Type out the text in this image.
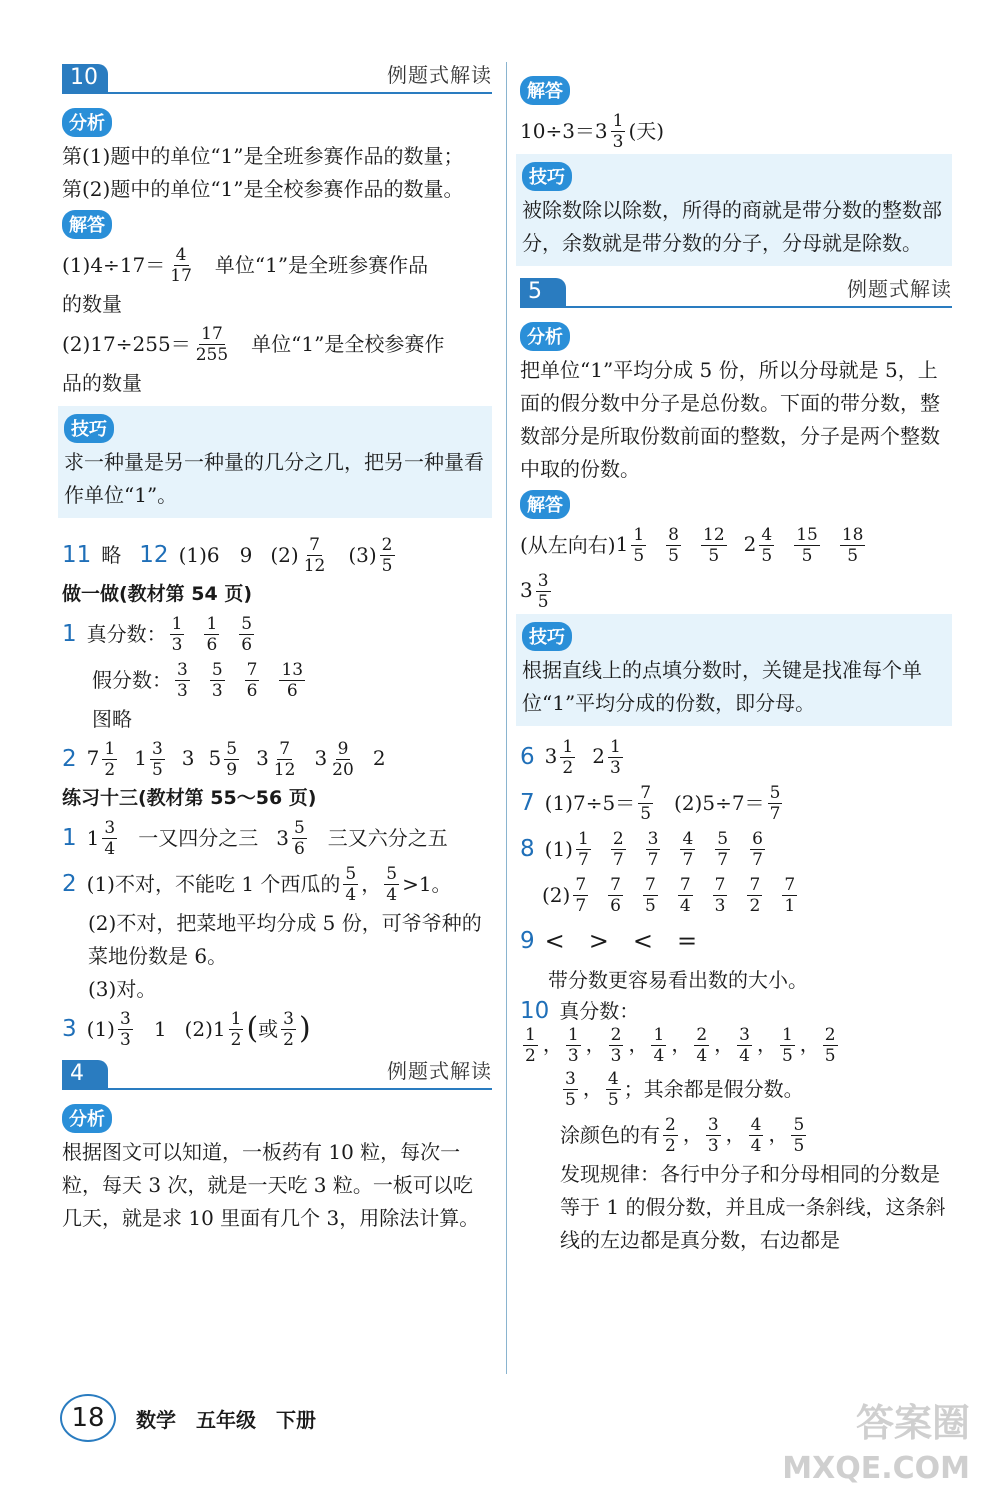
10	例题式解读
分析

第(1)题中的单位“1”是全班参赛作品的数量；

第(2)题中的单位“1”是全校参赛作品的数量。

解答
(1)4÷17＝ 4
17 单位“1”是全班参赛作品

的数量

(2)17÷255＝ 17
255 单位“1”是全校参赛作

品的数量

技巧

求一种量是另一种量的几分之几，把另一种量看作单位“1”。

11 略 12 (1)6　9 (2) 7
12 (3) 2
5

做一做(教材第 54 页)

1 真分数： $\frac{1}{3} \frac{1}{6} \frac{5}{6}$
假分数： $\frac{3}{3} \frac{5}{3} \frac{7}{6} \frac{13}{6}$

图略

2 $7 \frac{1}{2} 1 \frac{3}{5} 3$ $5 \frac{5}{9} 3 \frac{7}{12} 3 \frac{9}{20} 2$

练习十三(教材第 55～56 页)

1 1 3
4 一又四分之三 3 5
6 三又六分之五
2 (1)不对，不能吃 1 个西瓜的 5
4 ， 5
4 >1。

(2)不对，把菜地平均分成 5 份，可爷爷种的菜地份数是 6。

(3)对。

3 (1) 3
3 1 (2)1 1
2 ( 或 3
2 )
4	例题式解读
分析

根据图文可以知道，一板药有 10 粒，每次一粒，每天 3 次，就是一天吃 3 粒。一板可以吃几天，就是求 10 里面有几个 3，用除法计算。

解答
10÷3＝3 1
3 (天)
技巧

被除数除以除数，所得的商就是带分数的整数部分，余数就是带分数的分子，分母就是除数。

5	例题式解读
分析

把单位“1”平均分成 5 份，所以分母就是 5，上面的假分数中分子是总份数。下面的带分数，整数部分是所取份数前面的整数，分子是两个整数中取的份数。

解答
(从左向右) $1 \frac{1}{5} \frac{8}{5} \frac{12}{5} 2 \frac{4}{5} \frac{15}{5} \frac{18}{5}$
$3 \frac{3}{5}$
技巧

根据直线上的点填分数时，关键是找准每个单位“1”平均分成的份数，即分母。

6 $3 \frac{1}{2} 2 \frac{1}{3}$
7 (1)7÷5＝ 7
5 (2)5÷7＝ 5
7
8 $(1) \frac{1}{7} \frac{2}{7} \frac{3}{7} \frac{4}{7} \frac{5}{7} \frac{6}{7}$
$(2) \frac{7}{7} \frac{7}{6} \frac{7}{5} \frac{7}{4} \frac{7}{3} \frac{7}{2} \frac{7}{1}$
9 <　>　<　=

带分数更容易看出数的大小。

10 真分数：
$\frac{1}{2}$ ， $\frac{1}{3}$ ， $\frac{2}{3}$ ， $\frac{1}{4}$ ， $\frac{2}{4}$ ， $\frac{3}{4}$ ， $\frac{1}{5}$ ， $\frac{2}{5}$
$\frac{3}{5}$ ， $\frac{4}{5}$ ；其余都是假分数。
涂颜色的有 $\frac{2}{2}$ ， $\frac{3}{3}$ ， $\frac{4}{4}$ ， $\frac{5}{5}$

发现规律：各行中分子和分母相同的分数是等于 1 的假分数，并且成一条斜线，这条斜线的左边都是真分数，右边都是

18	数学　五年级　下册	答案圈
MXQE.COM
